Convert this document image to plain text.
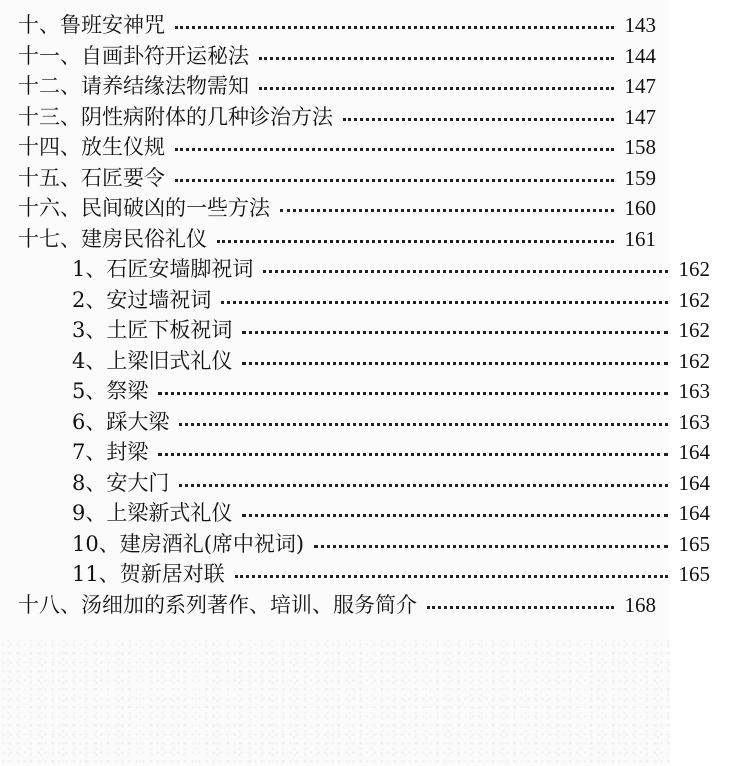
十、鲁班安神咒	143
十一、自画卦符开运秘法	144
十二、请养结缘法物需知	147
十三、阴性病附体的几种诊治方法	147
十四、放生仪规	158
十五、石匠要令	159
十六、民间破凶的一些方法	160
十七、建房民俗礼仪	161
1、石匠安墙脚祝词	162
2、安过墙祝词	162
3、土匠下板祝词	162
4、上梁旧式礼仪	162
5、祭梁	163
6、踩大梁	163
7、封梁	164
8、安大门	164
9、上梁新式礼仪	164
10、建房酒礼(席中祝词)	165
11、贺新居对联	165
十八、汤细加的系列著作、培训、服务简介	168
